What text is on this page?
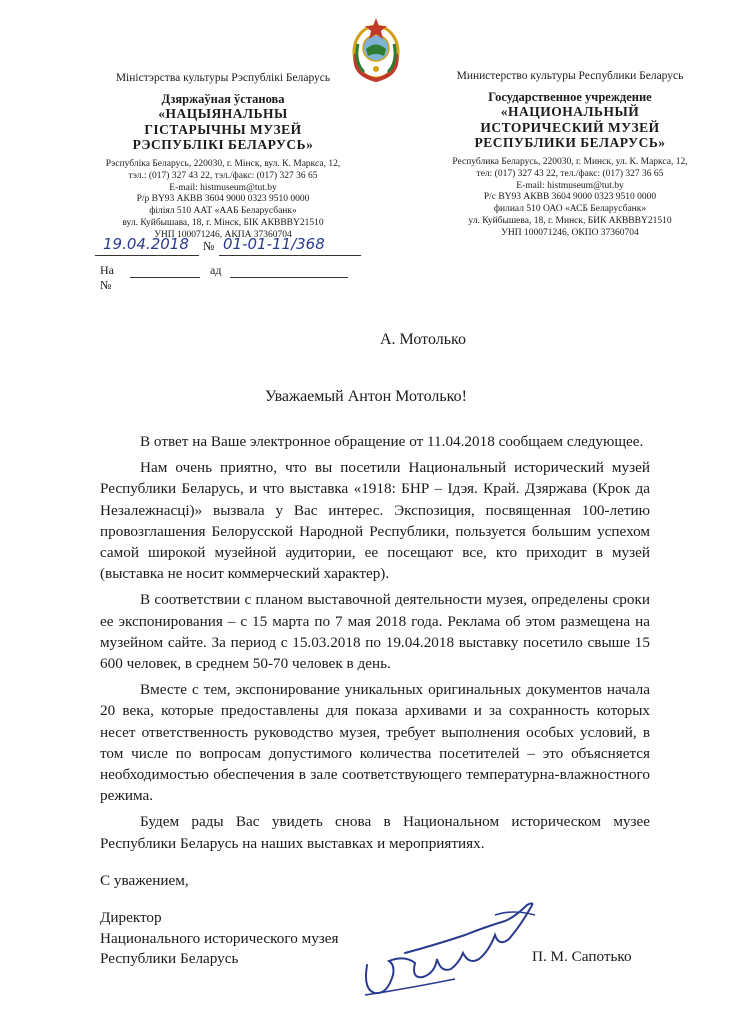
Міністэрства культуры Рэспублікі Беларусь
Дзяржаўная ўстанова
«НАЦЫЯНАЛЬНЫ
ГІСТАРЫЧНЫ МУЗЕЙ
РЭСПУБЛІКІ БЕЛАРУСЬ»
Рэспубліка Беларусь, 220030, г. Мінск, вул. К. Маркса, 12,
тэл.: (017) 327 43 22, тэл./факс: (017) 327 36 65
E-mail: histmuseum@tut.by
Р/р BY93 АКВВ 3604 9000 0323 9510 0000
філіял 510 ААТ «ААБ Беларусбанк»
вул. Куйбышава, 18, г. Мінск, БІК АКВВBY21510
УНП 100071246, АКПА 37360704
Министерство культуры Республики Беларусь
Государственное учреждение
«НАЦИОНАЛЬНЫЙ
ИСТОРИЧЕСКИЙ МУЗЕЙ
РЕСПУБЛИКИ БЕЛАРУСЬ»
Республика Беларусь, 220030, г. Минск, ул. К. Маркса, 12,
тел: (017) 327 43 22, тел./факс: (017) 327 36 65
E-mail: histmuseum@tut.by
Р/с BY93 АКВВ 3604 9000 0323 9510 0000
филиал 510 ОАО «АСБ Беларусбанк»
ул. Куйбышева, 18, г. Минск, БИК АКВВBY21510
УНП 100071246, ОКПО 37360704
19.04.2018 № 01-01-11/368
На №
ад
А. Мотолько
Уважаемый Антон Мотолько!

В ответ на Ваше электронное обращение от 11.04.2018 сообщаем следующее.

Нам очень приятно, что вы посетили Национальный исторический музей Республики Беларусь, и что выставка «1918: БНР – Ідэя. Край. Дзяржава (Крок да Незалежнасці)» вызвала у Вас интерес. Экспозиция, посвященная 100-летию провозглашения Белорусской Народной Республики, пользуется большим успехом самой широкой музейной аудитории, ее посещают все, кто приходит в музей (выставка не носит коммерческий характер).

В соответствии с планом выставочной деятельности музея, определены сроки ее экспонирования – с 15 марта по 7 мая 2018 года. Реклама об этом размещена на музейном сайте. За период с 15.03.2018 по 19.04.2018 выставку посетило свыше 15 600 человек, в среднем 50-70 человек в день.

Вместе с тем, экспонирование уникальных оригинальных документов начала 20 века, которые предоставлены для показа архивами и за сохранность которых несет ответственность руководство музея, требует выполнения особых условий, в том числе по вопросам допустимого количества посетителей – это объясняется необходимостью обеспечения в зале соответствующего температурна-влажностного режима.

Будем рады Вас увидеть снова в Национальном историческом музее Республики Беларусь на наших выставках и мероприятиях.

С уважением,
Директор
Национального исторического музея
Республики Беларусь	П. М. Сапотько
